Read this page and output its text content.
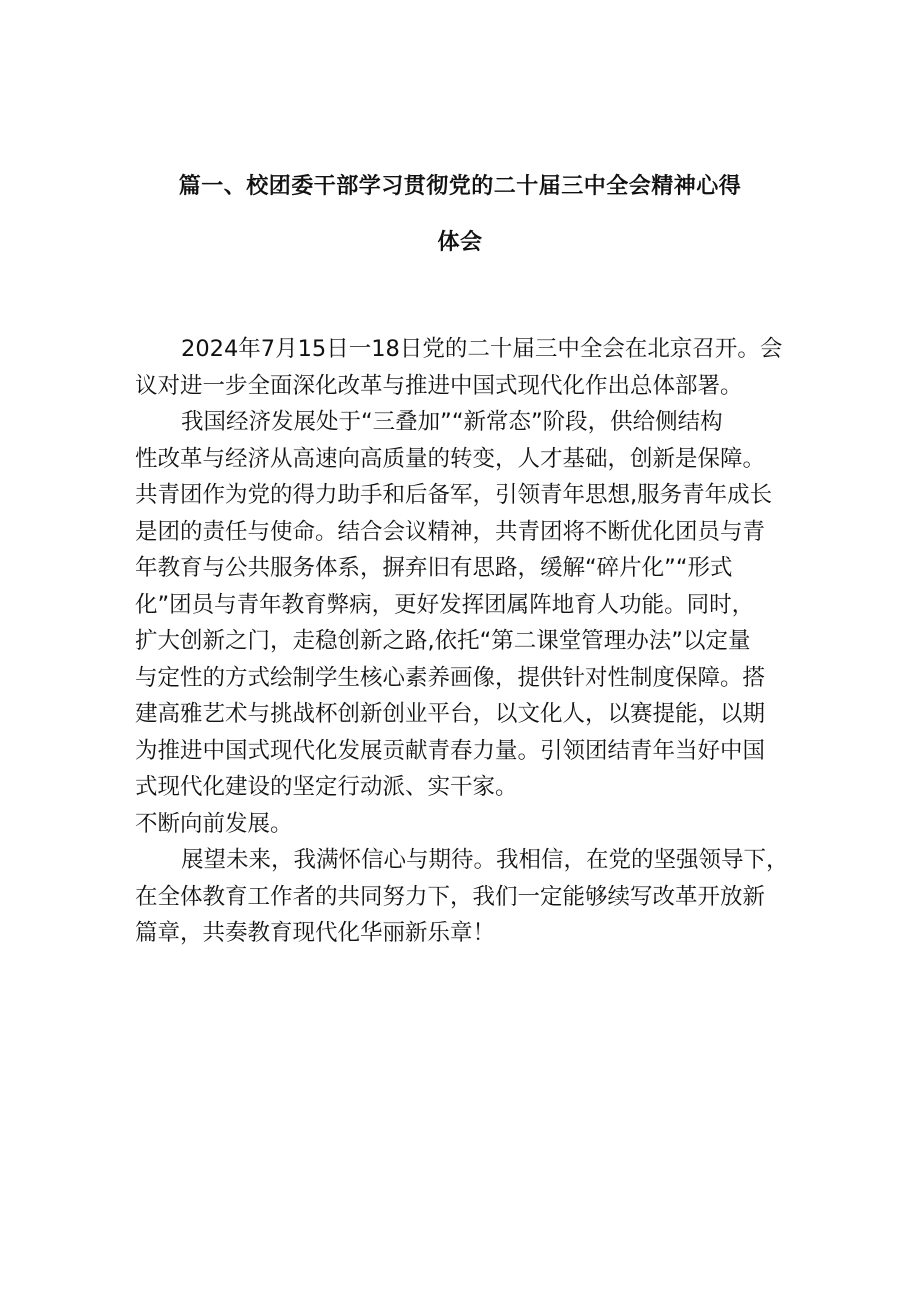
篇一、校团委干部学习贯彻党的二十届三中全会精神心得
体会
2024年7月15日一18日党的二十届三中全会在北京召开。会
议对进一步全面深化改革与推进中国式现代化作出总体部署。
我国经济发展处于“三叠加”“新常态”阶段，供给侧结构
性改革与经济从高速向高质量的转变，人才基础，创新是保障。
共青团作为党的得力助手和后备军，引领青年思想,服务青年成长
是团的责任与使命。结合会议精神，共青团将不断优化团员与青
年教育与公共服务体系，摒弃旧有思路，缓解“碎片化”“形式
化”团员与青年教育弊病，更好发挥团属阵地育人功能。同时，
扩大创新之门，走稳创新之路,依托“第二课堂管理办法”以定量
与定性的方式绘制学生核心素养画像，提供针对性制度保障。搭
建高雅艺术与挑战杯创新创业平台，以文化人，以赛提能，以期
为推进中国式现代化发展贡献青春力量。引领团结青年当好中国
式现代化建设的坚定行动派、实干家。
不断向前发展。
展望未来，我满怀信心与期待。我相信，在党的坚强领导下，
在全体教育工作者的共同努力下，我们一定能够续写改革开放新
篇章，共奏教育现代化华丽新乐章！
